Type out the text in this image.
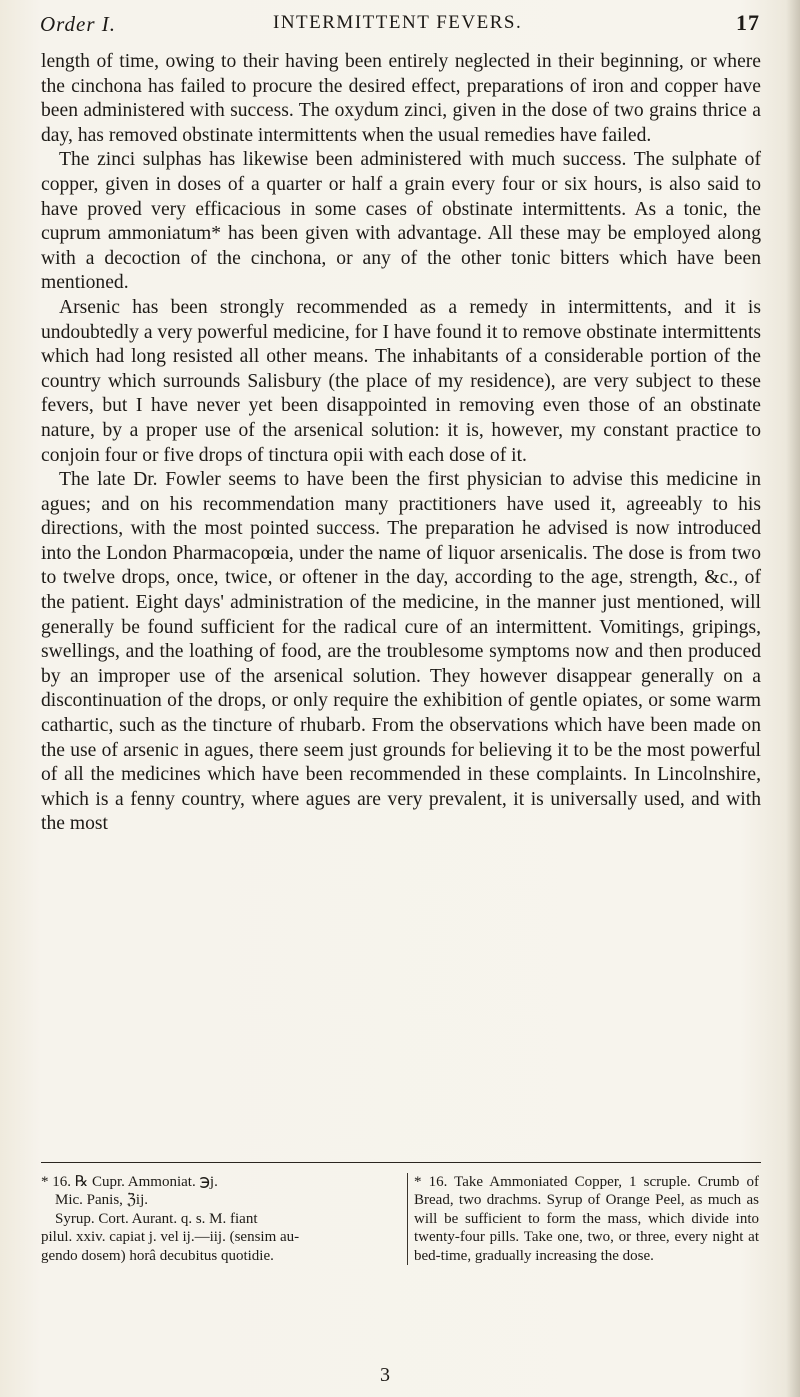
Order I.	INTERMITTENT FEVERS.	17

length of time, owing to their having been entirely neglected in their beginning, or where the cinchona has failed to procure the desired effect, preparations of iron and copper have been administered with success. The oxydum zinci, given in the dose of two grains thrice a day, has removed obstinate intermittents when the usual remedies have failed.

The zinci sulphas has likewise been administered with much success. The sulphate of copper, given in doses of a quarter or half a grain every four or six hours, is also said to have proved very efficacious in some cases of obstinate intermittents. As a tonic, the cuprum ammoniatum* has been given with advantage. All these may be employed along with a decoction of the cinchona, or any of the other tonic bitters which have been mentioned.

Arsenic has been strongly recommended as a remedy in intermittents, and it is undoubtedly a very powerful medicine, for I have found it to remove obstinate intermittents which had long resisted all other means. The inhabitants of a considerable portion of the country which surrounds Salisbury (the place of my residence), are very subject to these fevers, but I have never yet been disappointed in removing even those of an obstinate nature, by a proper use of the arsenical solution: it is, however, my constant practice to conjoin four or five drops of tinctura opii with each dose of it.

The late Dr. Fowler seems to have been the first physician to advise this medicine in agues; and on his recommendation many practitioners have used it, agreeably to his directions, with the most pointed success. The preparation he advised is now introduced into the London Pharmacopœia, under the name of liquor arsenicalis. The dose is from two to twelve drops, once, twice, or oftener in the day, according to the age, strength, &c., of the patient. Eight days' administration of the medicine, in the manner just mentioned, will generally be found sufficient for the radical cure of an intermittent. Vomitings, gripings, swellings, and the loathing of food, are the troublesome symptoms now and then produced by an improper use of the arsenical solution. They however disappear generally on a discontinuation of the drops, or only require the exhibition of gentle opiates, or some warm cathartic, such as the tincture of rhubarb. From the observations which have been made on the use of arsenic in agues, there seem just grounds for believing it to be the most powerful of all the medicines which have been recommended in these complaints. In Lincolnshire, which is a fenny country, where agues are very prevalent, it is universally used, and with the most

* 16. ℞ Cupr. Ammoniat. ℈j.
Mic. Panis, ℨij.
Syrup. Cort. Aurant. q. s. M. fiant
pilul. xxiv. capiat j. vel ij.—iij. (sensim au-
gendo dosem) horâ decubitus quotidie.
* 16. Take Ammoniated Copper, 1 scruple. Crumb of Bread, two drachms. Syrup of Orange Peel, as much as will be sufficient to form the mass, which divide into twenty-four pills. Take one, two, or three, every night at bed-time, gradually increasing the dose.
3
